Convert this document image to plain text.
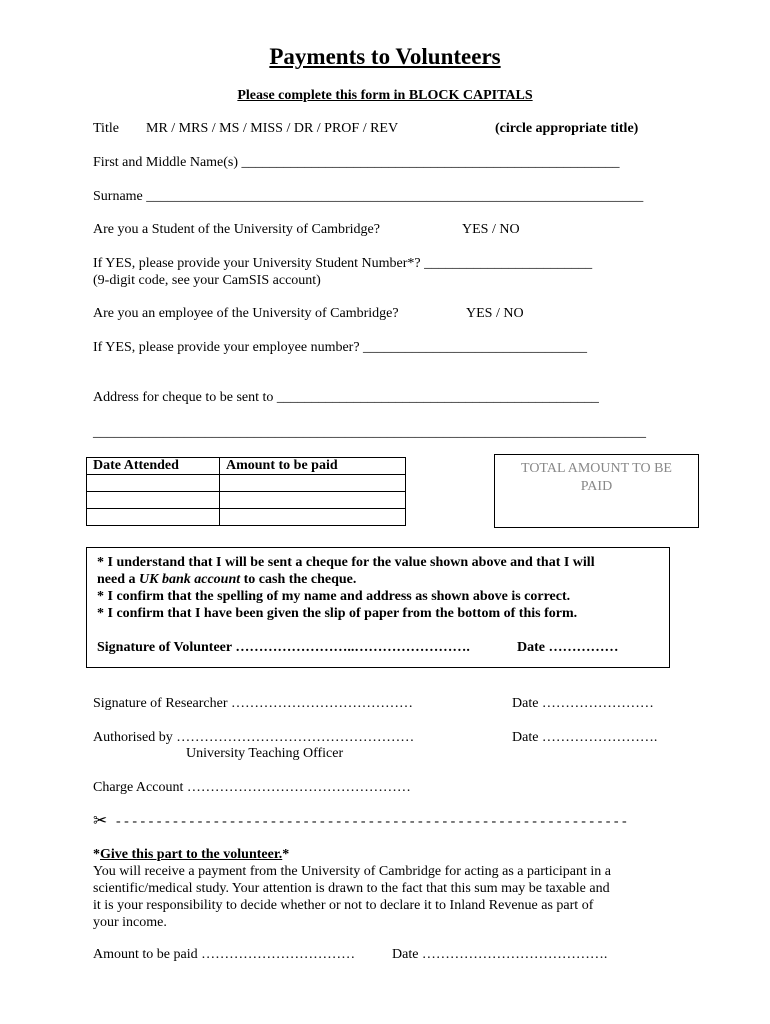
Payments to Volunteers
Please complete this form in BLOCK CAPITALS
Title MR / MRS / MS / MISS / DR / PROF / REV	(circle appropriate title)
First and Middle Name(s) ______________________________________________________
Surname _______________________________________________________________________
Are you a Student of the University of Cambridge?	YES / NO
If YES, please provide your University Student Number*? ________________________
(9-digit code, see your CamSIS account)
Are you an employee of the University of Cambridge?	YES / NO
If YES, please provide your employee number? ________________________________
Address for cheque to be sent to ______________________________________________
_______________________________________________________________________________
Date Attended	Amount to be paid

		TOTAL AMOUNT TO BE
PAID

* I understand that I will be sent a cheque for the value shown above and that I will

need a UK bank account to cash the cheque.

* I confirm that the spelling of my name and address as shown above is correct.

* I confirm that I have been given the slip of paper from the bottom of this form.

Signature of Volunteer ……………………..…………………….	Date ……………

Signature of Researcher …………………………………	Date ……………………
Authorised by ……………………………………………	Date …………………….
University Teaching Officer
Charge Account …………………………………………
✂ - - - - - - - - - - - - - - - - - - - - - - - - - - - - - - - - - - - - - - - - - - - - - - - - - - - - - - - - - - - - - - -
*Give this part to the volunteer.*

You will receive a payment from the University of Cambridge for acting as a participant in a

scientific/medical study. Your attention is drawn to the fact that this sum may be taxable and

it is your responsibility to decide whether or not to declare it to Inland Revenue as part of

your income.

Amount to be paid ……………………………	Date ………………………………….
